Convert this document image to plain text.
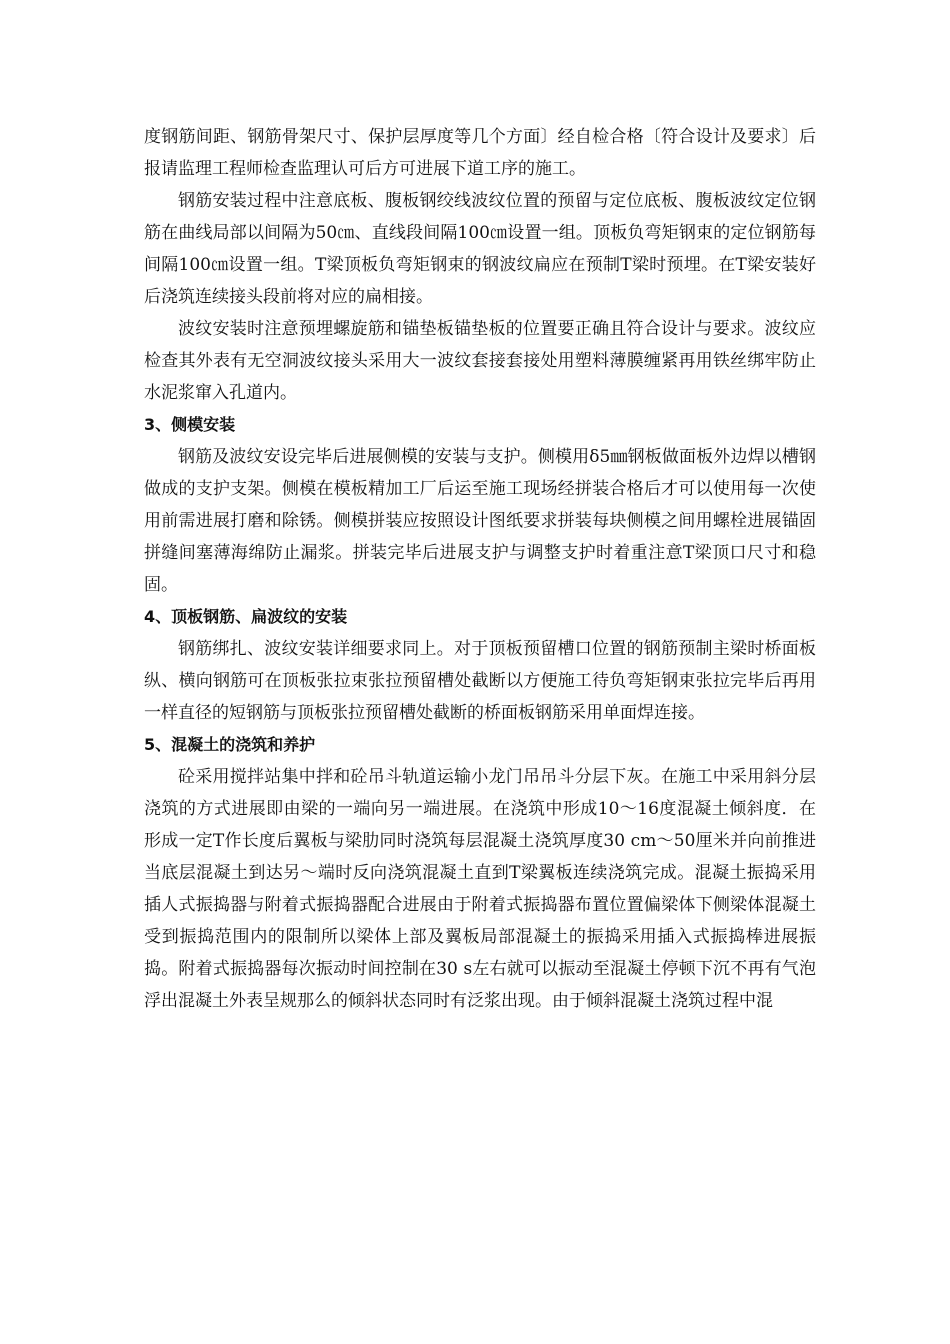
度钢筋间距、钢筋骨架尺寸、保护层厚度等几个方面〕经自检合格〔符合设计及要求〕后报请监理工程师检查监理认可后方可进展下道工序的施工。

钢筋安装过程中注意底板、腹板钢绞线波纹位置的预留与定位底板、腹板波纹定位钢筋在曲线局部以间隔为50㎝、直线段间隔100㎝设置一组。顶板负弯矩钢束的定位钢筋每间隔100㎝设置一组。T梁顶板负弯矩钢束的钢波纹扁应在预制T梁时预埋。在T梁安装好后浇筑连续接头段前将对应的扁相接。

波纹安装时注意预埋螺旋筋和锚垫板锚垫板的位置要正确且符合设计与要求。波纹应检查其外表有无空洞波纹接头采用大一波纹套接套接处用塑料薄膜缠紧再用铁丝绑牢防止水泥浆窜入孔道内。

3、侧模安装

钢筋及波纹安设完毕后进展侧模的安装与支护。侧模用δ5㎜钢板做面板外边焊以槽钢做成的支护支架。侧模在模板精加工厂后运至施工现场经拼装合格后才可以使用每一次使用前需进展打磨和除锈。侧模拼装应按照设计图纸要求拼装每块侧模之间用螺栓进展锚固拼缝间塞薄海绵防止漏浆。拼装完毕后进展支护与调整支护时着重注意T梁顶口尺寸和稳固。

4、顶板钢筋、扁波纹的安装

钢筋绑扎、波纹安装详细要求同上。对于顶板预留槽口位置的钢筋预制主梁时桥面板纵、横向钢筋可在顶板张拉束张拉预留槽处截断以方便施工待负弯矩钢束张拉完毕后再用一样直径的短钢筋与顶板张拉预留槽处截断的桥面板钢筋采用单面焊连接。

5、混凝土的浇筑和养护

砼采用搅拌站集中拌和砼吊斗轨道运输小龙门吊吊斗分层下灰。在施工中采用斜分层浇筑的方式进展即由梁的一端向另一端进展。在浇筑中形成10～16度混凝土倾斜度．在形成一定T作长度后翼板与梁肋同时浇筑每层混凝土浇筑厚度30 cm～50厘米并向前推进当底层混凝土到达另～端时反向浇筑混凝土直到T梁翼板连续浇筑完成。混凝土振捣采用插人式振捣器与附着式振捣器配合进展由于附着式振捣器布置位置偏梁体下侧梁体混凝土受到振捣范围内的限制所以梁体上部及翼板局部混凝土的振捣采用插入式振捣棒进展振捣。附着式振捣器每次振动时间控制在30 s左右就可以振动至混凝土停顿下沉不再有气泡浮出混凝土外表呈规那么的倾斜状态同时有泛浆出现。由于倾斜混凝土浇筑过程中混
